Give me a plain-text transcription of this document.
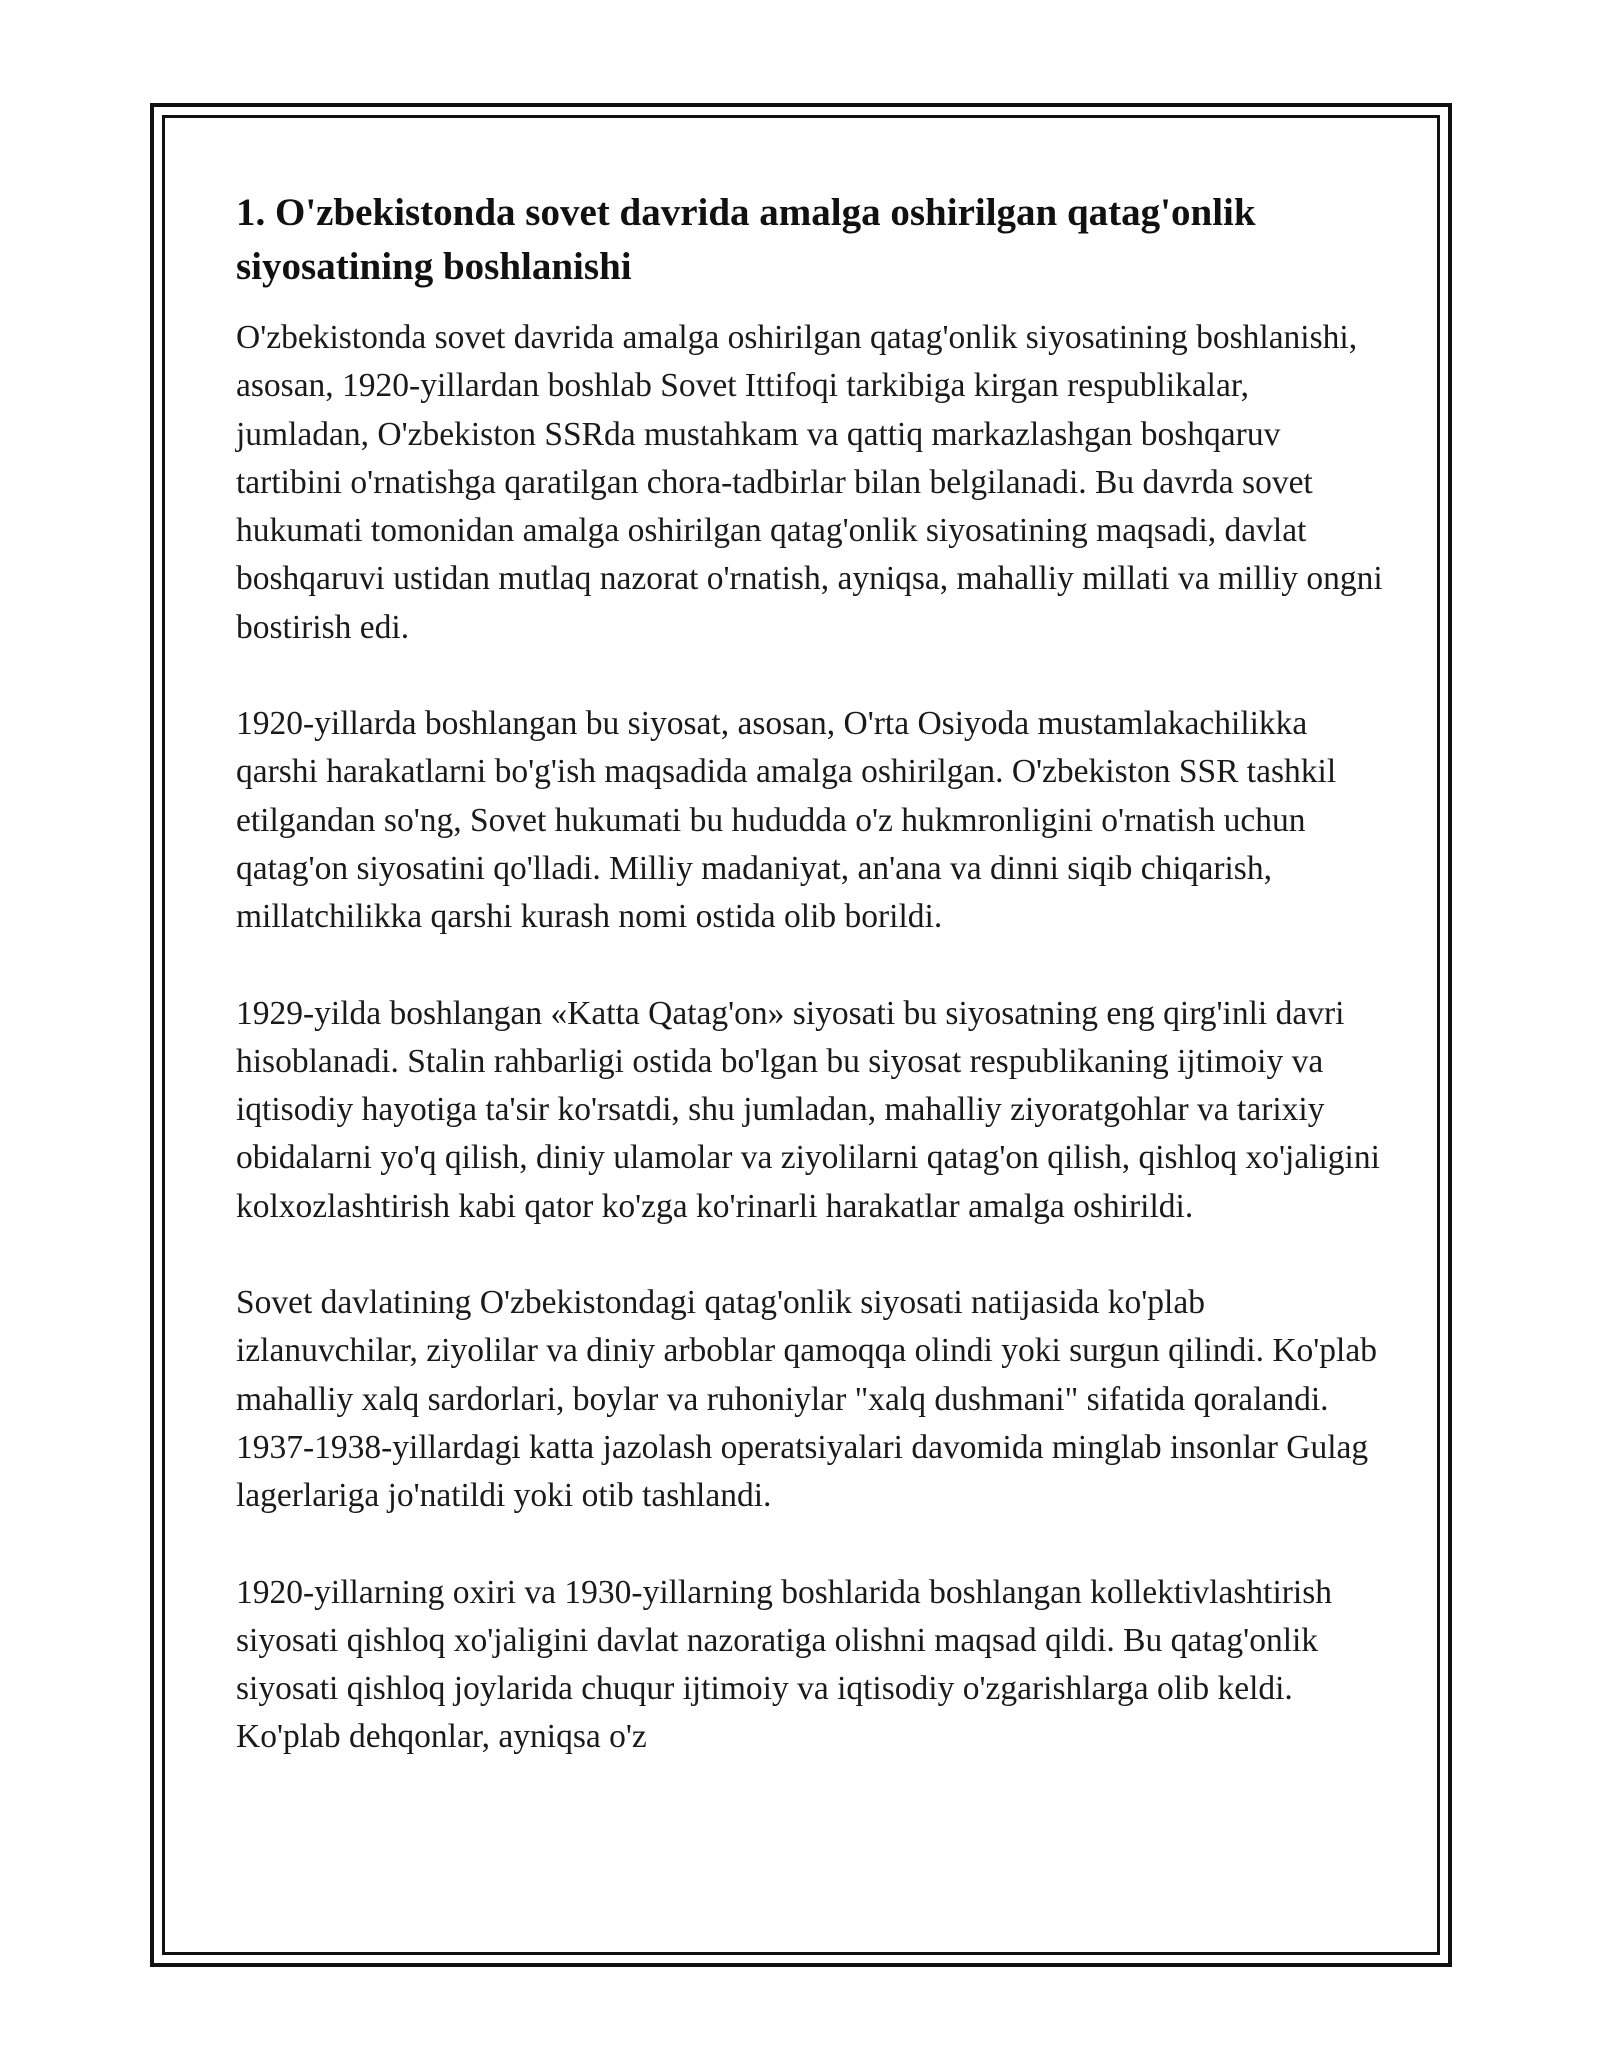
1. O'zbekistonda sovet davrida amalga oshirilgan qatag'onlik siyosatining boshlanishi

O'zbekistonda sovet davrida amalga oshirilgan qatag'onlik siyosatining boshlanishi, asosan, 1920-yillardan boshlab Sovet Ittifoqi tarkibiga kirgan respublikalar, jumladan, O'zbekiston SSRda mustahkam va qattiq markazlashgan boshqaruv tartibini o'rnatishga qaratilgan chora-tadbirlar bilan belgilanadi. Bu davrda sovet hukumati tomonidan amalga oshirilgan qatag'onlik siyosatining maqsadi, davlat boshqaruvi ustidan mutlaq nazorat o'rnatish, ayniqsa, mahalliy millati va milliy ongni bostirish edi.

1920-yillarda boshlangan bu siyosat, asosan, O'rta Osiyoda mustamlakachilikka qarshi harakatlarni bo'g'ish maqsadida amalga oshirilgan. O'zbekiston SSR tashkil etilgandan so'ng, Sovet hukumati bu hududda o'z hukmronligini o'rnatish uchun qatag'on siyosatini qo'lladi. Milliy madaniyat, an'ana va dinni siqib chiqarish, millatchilikka qarshi kurash nomi ostida olib borildi.

1929-yilda boshlangan «Katta Qatag'on» siyosati bu siyosatning eng qirg'inli davri hisoblanadi. Stalin rahbarligi ostida bo'lgan bu siyosat respublikaning ijtimoiy va iqtisodiy hayotiga ta'sir ko'rsatdi, shu jumladan, mahalliy ziyoratgohlar va tarixiy obidalarni yo'q qilish, diniy ulamolar va ziyolilarni qatag'on qilish, qishloq xo'jaligini kolxozlashtirish kabi qator ko'zga ko'rinarli harakatlar amalga oshirildi.

Sovet davlatining O'zbekistondagi qatag'onlik siyosati natijasida ko'plab izlanuvchilar, ziyolilar va diniy arboblar qamoqqa olindi yoki surgun qilindi. Ko'plab mahalliy xalq sardorlari, boylar va ruhoniylar "xalq dushmani" sifatida qoralandi. 1937-1938-yillardagi katta jazolash operatsiyalari davomida minglab insonlar Gulag lagerlariga jo'natildi yoki otib tashlandi.

1920-yillarning oxiri va 1930-yillarning boshlarida boshlangan kollektivlashtirish siyosati qishloq xo'jaligini davlat nazoratiga olishni maqsad qildi. Bu qatag'onlik siyosati qishloq joylarida chuqur ijtimoiy va iqtisodiy o'zgarishlarga olib keldi. Ko'plab dehqonlar, ayniqsa o'z
